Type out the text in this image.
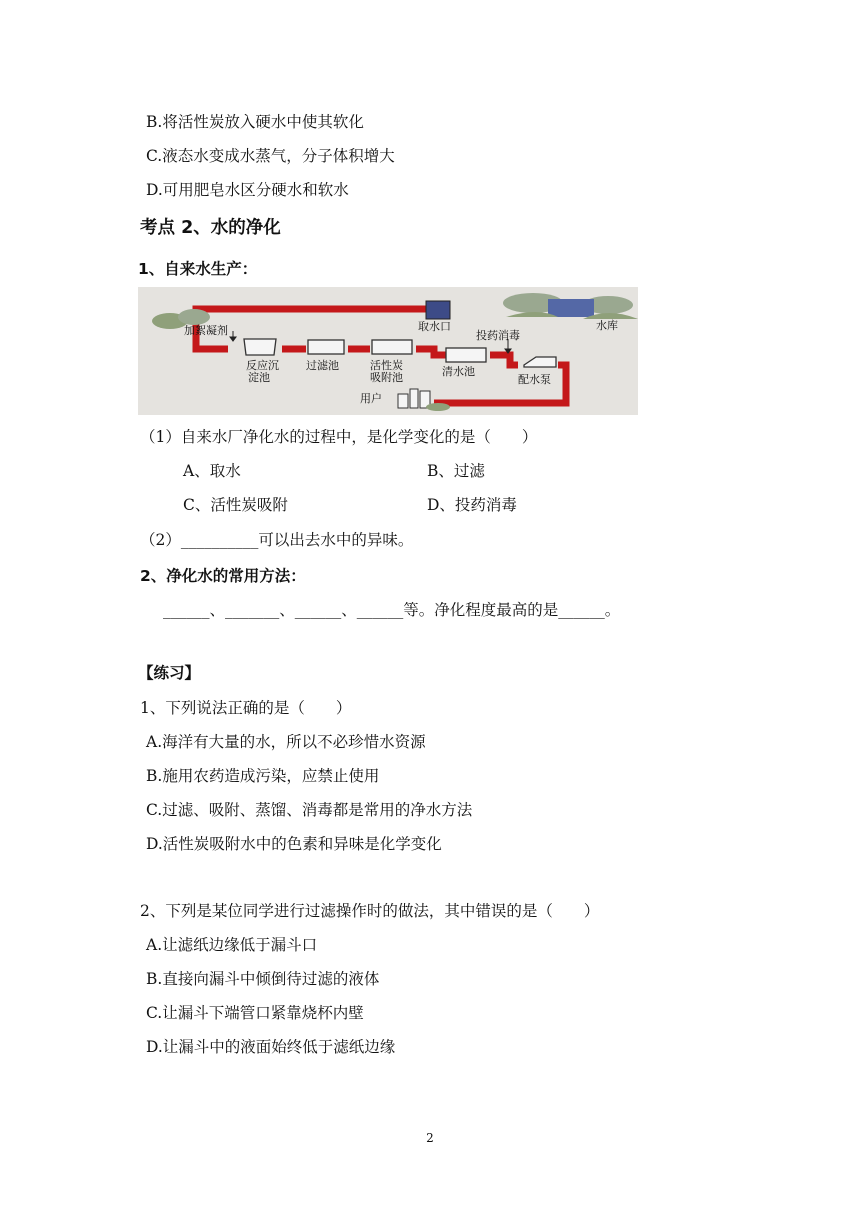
B.将活性炭放入硬水中使其软化
C.液态水变成水蒸气，分子体积增大
D.可用肥皂水区分硬水和软水
考点 2、水的净化
1、自来水生产：
加絮凝剂	取水口	水库
投药消毒
反应沉
淀池
过滤池	活性炭
吸附池	清水池
配水泵
用户
（1）自来水厂净化水的过程中，是化学变化的是（　　）
A、取水	B、过滤
C、活性炭吸附	D、投药消毒
（2）__________可以出去水中的异味。
2、净化水的常用方法：
______、_______、______、______等。净化程度最高的是______。
【练习】
1、下列说法正确的是（　　）
A.海洋有大量的水，所以不必珍惜水资源
B.施用农药造成污染，应禁止使用
C.过滤、吸附、蒸馏、消毒都是常用的净水方法
D.活性炭吸附水中的色素和异味是化学变化
2、下列是某位同学进行过滤操作时的做法，其中错误的是（　　）
A.让滤纸边缘低于漏斗口
B.直接向漏斗中倾倒待过滤的液体
C.让漏斗下端管口紧靠烧杯内壁
D.让漏斗中的液面始终低于滤纸边缘
2
